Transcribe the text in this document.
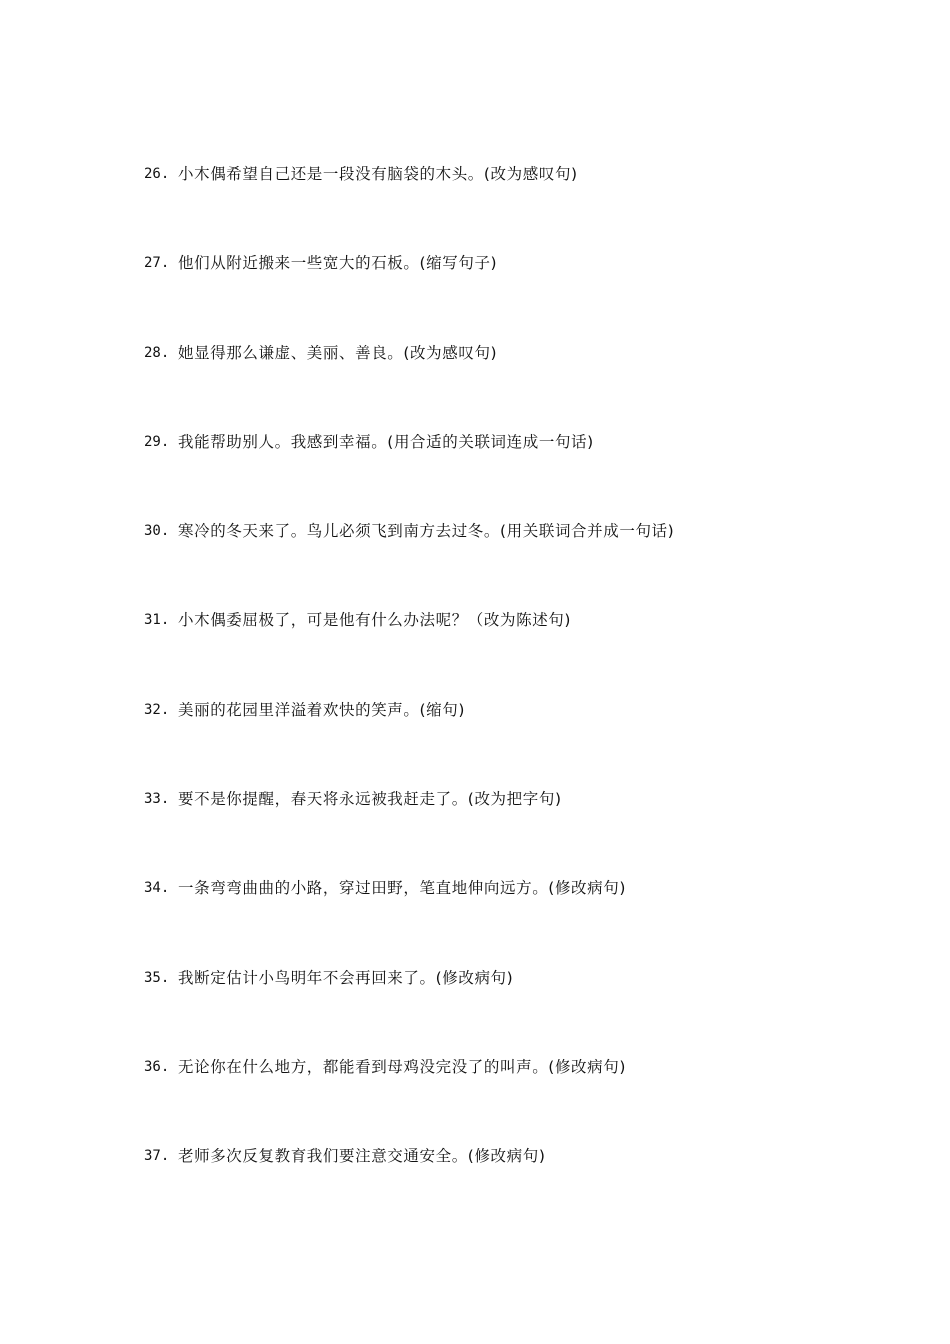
26. 小木偶希望自己还是一段没有脑袋的木头。(改为感叹句)
27. 他们从附近搬来一些宽大的石板。(缩写句子)
28. 她显得那么谦虚、美丽、善良。(改为感叹句)
29. 我能帮助别人。我感到幸福。(用合适的关联词连成一句话)
30. 寒冷的冬天来了。鸟儿必须飞到南方去过冬。(用关联词合并成一句话)
31. 小木偶委屈极了，可是他有什么办法呢？（改为陈述句)
32. 美丽的花园里洋溢着欢快的笑声。(缩句)
33. 要不是你提醒，春天将永远被我赶走了。(改为把字句)
34. 一条弯弯曲曲的小路，穿过田野，笔直地伸向远方。(修改病句)
35. 我断定估计小鸟明年不会再回来了。(修改病句)
36. 无论你在什么地方，都能看到母鸡没完没了的叫声。(修改病句)
37. 老师多次反复教育我们要注意交通安全。(修改病句)
